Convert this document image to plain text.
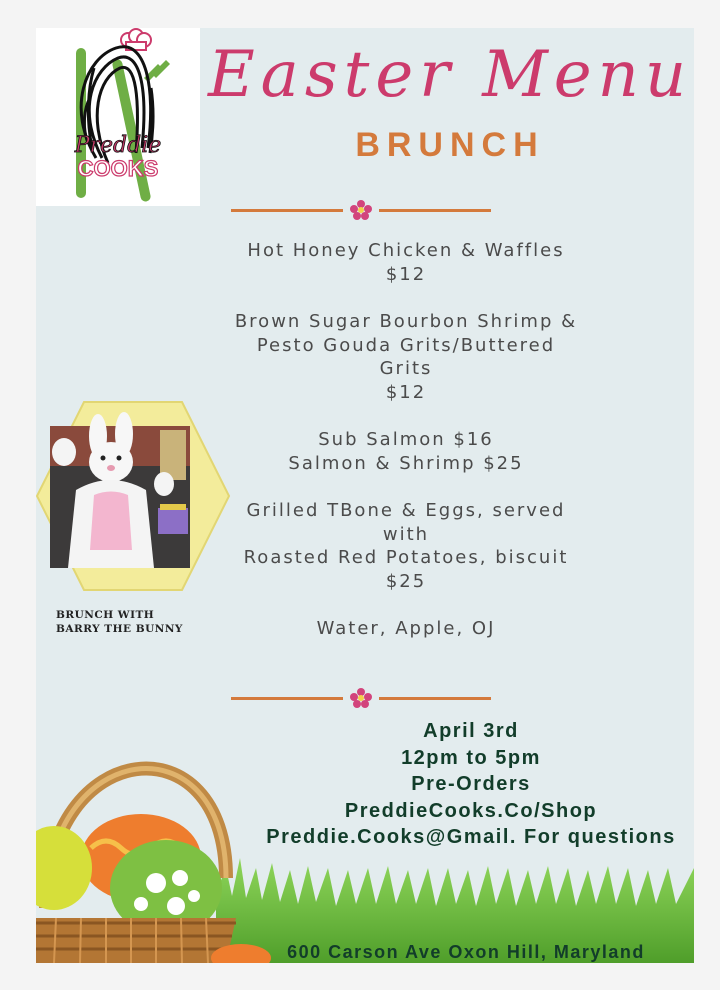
Preddie
COOKS
Easter Menu
BRUNCH
Hot Honey Chicken & Waffles
$12
Brown Sugar Bourbon Shrimp &
Pesto Gouda Grits/Buttered
Grits
$12
Sub Salmon $16
Salmon & Shrimp $25
Grilled TBone & Eggs, served
with
Roasted Red Potatoes, biscuit
$25
Water, Apple, OJ
BRUNCH WITH
BARRY THE BUNNY
April 3rd
12pm to 5pm
Pre-Orders
PreddieCooks.Co/Shop
Preddie.Cooks@Gmail. For questions
600 Carson Ave Oxon Hill, Maryland
